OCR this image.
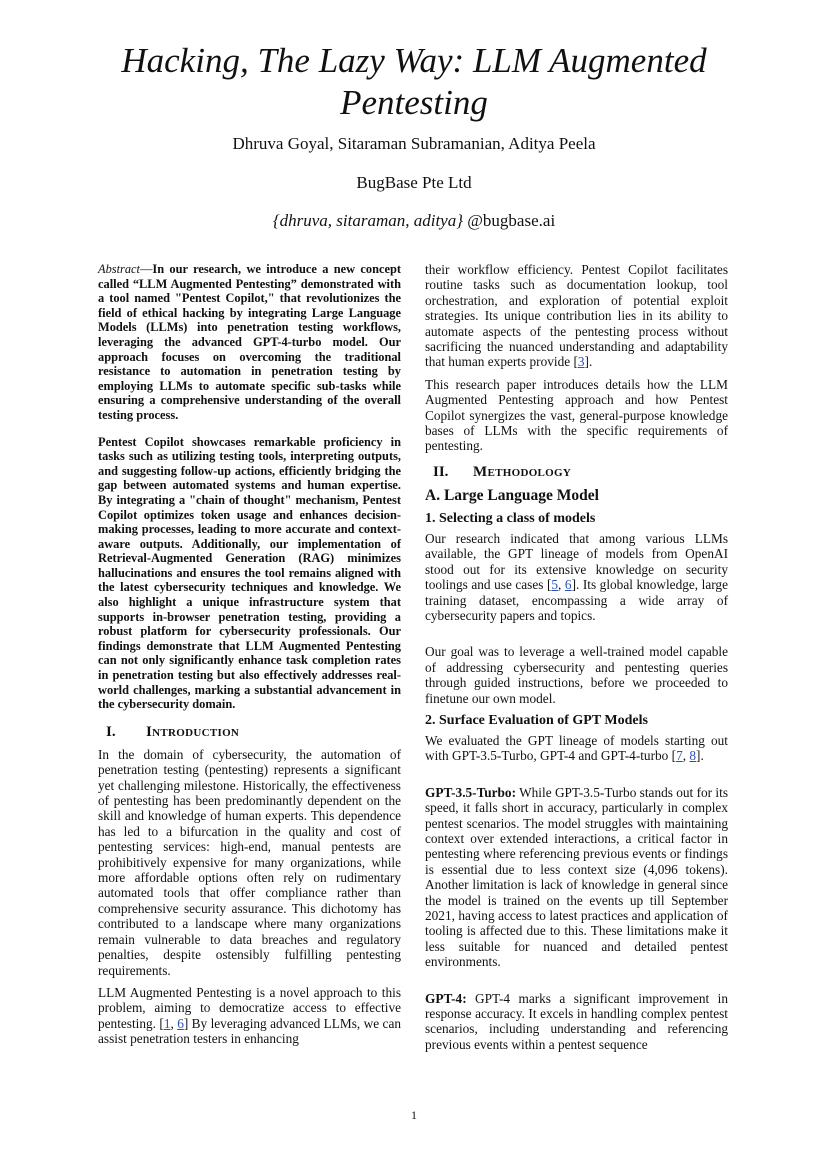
Hacking, The Lazy Way: LLM Augmented Pentesting
Dhruva Goyal, Sitaraman Subramanian, Aditya Peela
BugBase Pte Ltd
{dhruva, sitaraman, aditya} @bugbase.ai

Abstract—In our research, we introduce a new concept called “LLM Augmented Pentesting” demonstrated with a tool named "Pentest Copilot," that revolutionizes the field of ethical hacking by integrating Large Language Models (LLMs) into penetration testing workflows, leveraging the advanced GPT-4-turbo model. Our approach focuses on overcoming the traditional resistance to automation in penetration testing by employing LLMs to automate specific sub-tasks while ensuring a comprehensive understanding of the overall testing process.

Pentest Copilot showcases remarkable proficiency in tasks such as utilizing testing tools, interpreting outputs, and suggesting follow-up actions, efficiently bridging the gap between automated systems and human expertise. By integrating a "chain of thought" mechanism, Pentest Copilot optimizes token usage and enhances decision-making processes, leading to more accurate and context-aware outputs. Additionally, our implementation of Retrieval-Augmented Generation (RAG) minimizes hallucinations and ensures the tool remains aligned with the latest cybersecurity techniques and knowledge. We also highlight a unique infrastructure system that supports in-browser penetration testing, providing a robust platform for cybersecurity professionals. Our findings demonstrate that LLM Augmented Pentesting can not only significantly enhance task completion rates in penetration testing but also effectively addresses real-world challenges, marking a substantial advancement in the cybersecurity domain.

I.	Introduction

In the domain of cybersecurity, the automation of penetration testing (pentesting) represents a significant yet challenging milestone. Historically, the effectiveness of pentesting has been predominantly dependent on the skill and knowledge of human experts. This dependence has led to a bifurcation in the quality and cost of pentesting services: high-end, manual pentests are prohibitively expensive for many organizations, while more affordable options often rely on rudimentary automated tools that offer compliance rather than comprehensive security assurance. This dichotomy has contributed to a landscape where many organizations remain vulnerable to data breaches and regulatory penalties, despite ostensibly fulfilling pentesting requirements.

LLM Augmented Pentesting is a novel approach to this problem, aiming to democratize access to effective pentesting. [1, 6] By leveraging advanced LLMs, we can assist penetration testers in enhancing

their workflow efficiency. Pentest Copilot facilitates routine tasks such as documentation lookup, tool orchestration, and exploration of potential exploit strategies. Its unique contribution lies in its ability to automate aspects of the pentesting process without sacrificing the nuanced understanding and adaptability that human experts provide [3].

This research paper introduces details how the LLM Augmented Pentesting approach and how Pentest Copilot synergizes the vast, general-purpose knowledge bases of LLMs with the specific requirements of pentesting.

II.	Methodology
A. Large Language Model
1. Selecting a class of models

Our research indicated that among various LLMs available, the GPT lineage of models from OpenAI stood out for its extensive knowledge on security toolings and use cases [5, 6]. Its global knowledge, large training dataset, encompassing a wide array of cybersecurity papers and topics.

Our goal was to leverage a well-trained model capable of addressing cybersecurity and pentesting queries through guided instructions, before we proceeded to finetune our own model.

2. Surface Evaluation of GPT Models

We evaluated the GPT lineage of models starting out with GPT-3.5-Turbo, GPT-4 and GPT-4-turbo [7, 8].

GPT-3.5-Turbo: While GPT-3.5-Turbo stands out for its speed, it falls short in accuracy, particularly in complex pentest scenarios. The model struggles with maintaining context over extended interactions, a critical factor in pentesting where referencing previous events or findings is essential due to less context size (4,096 tokens). Another limitation is lack of knowledge in general since the model is trained on the events up till September 2021, having access to latest practices and application of tooling is affected due to this. These limitations make it less suitable for nuanced and detailed pentest environments.

GPT-4: GPT-4 marks a significant improvement in response accuracy. It excels in handling complex pentest scenarios, including understanding and referencing previous events within a pentest sequence

1
